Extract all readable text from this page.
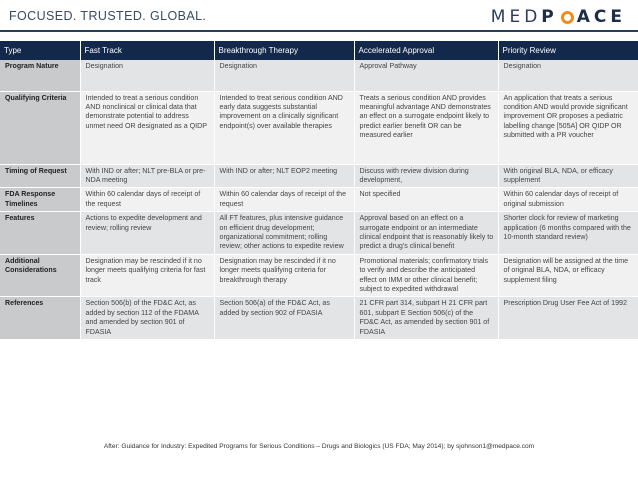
FOCUSED. TRUSTED. GLOBAL.	MED P ACE
Type	Fast Track	Breakthrough Therapy	Accelerated Approval	Priority Review
Program Nature	Designation	Designation	Approval Pathway	Designation
Qualifying Criteria	Intended to treat a serious condition AND nonclinical or clinical data that demonstrate potential to address unmet need OR designated as a QIDP	Intended to treat serious condition AND early data suggests substantial improvement on a clinically significant endpoint(s) over available therapies	Treats a serious condition AND provides meaningful advantage AND demonstrates an effect on a surrogate endpoint likely to predict earlier benefit OR can be measured earlier	An application that treats a serious condition AND would provide significant improvement OR proposes a pediatric labelling change [505A] OR QIDP OR submitted with a PR voucher
Timing of Request	With IND or after; NLT pre-BLA or pre-NDA meeting	With IND or after; NLT EOP2 meeting	Discuss with review division during development,	With original BLA, NDA, or efficacy supplement
FDA Response Timelines	Within 60 calendar days of receipt of the request	Within 60 calendar days of receipt of the request	Not specified	Within 60 calendar days of receipt of original submission
Features	Actions to expedite development and review; rolling review	All FT features, plus intensive guidance on efficient drug development; organizational commitment; rolling review; other actions to expedite review	Approval based on an effect on a surrogate endpoint or an intermediate clinical endpoint that is reasonably likely to predict a drug's clinical benefit	Shorter clock for review of marketing application (6 months compared with the 10-month standard review)
Additional Considerations	Designation may be rescinded if it no longer meets qualifying criteria for fast track	Designation may be rescinded if it no longer meets qualifying criteria for breakthrough therapy	Promotional materials; confirmatory trials to verify and describe the anticipated effect on IMM or other clinical benefit; subject to expedited withdrawal	Designation will be assigned at the time of original BLA, NDA, or efficacy supplement filing
References	Section 506(b) of the FD&C Act, as added by section 112 of the FDAMA and amended by section 901 of FDASIA	Section 506(a) of the FD&C Act, as added by section 902 of FDASIA	21 CFR part 314, subpart H 21 CFR part 601, subpart E Section 506(c) of the FD&C Act, as amended by section 901 of FDASIA	Prescription Drug User Fee Act of 1992
After: Guidance for Industry: Expedited Programs for Serious Conditions – Drugs and Biologics (US FDA; May 2014); by sjohnson1@medpace.com
